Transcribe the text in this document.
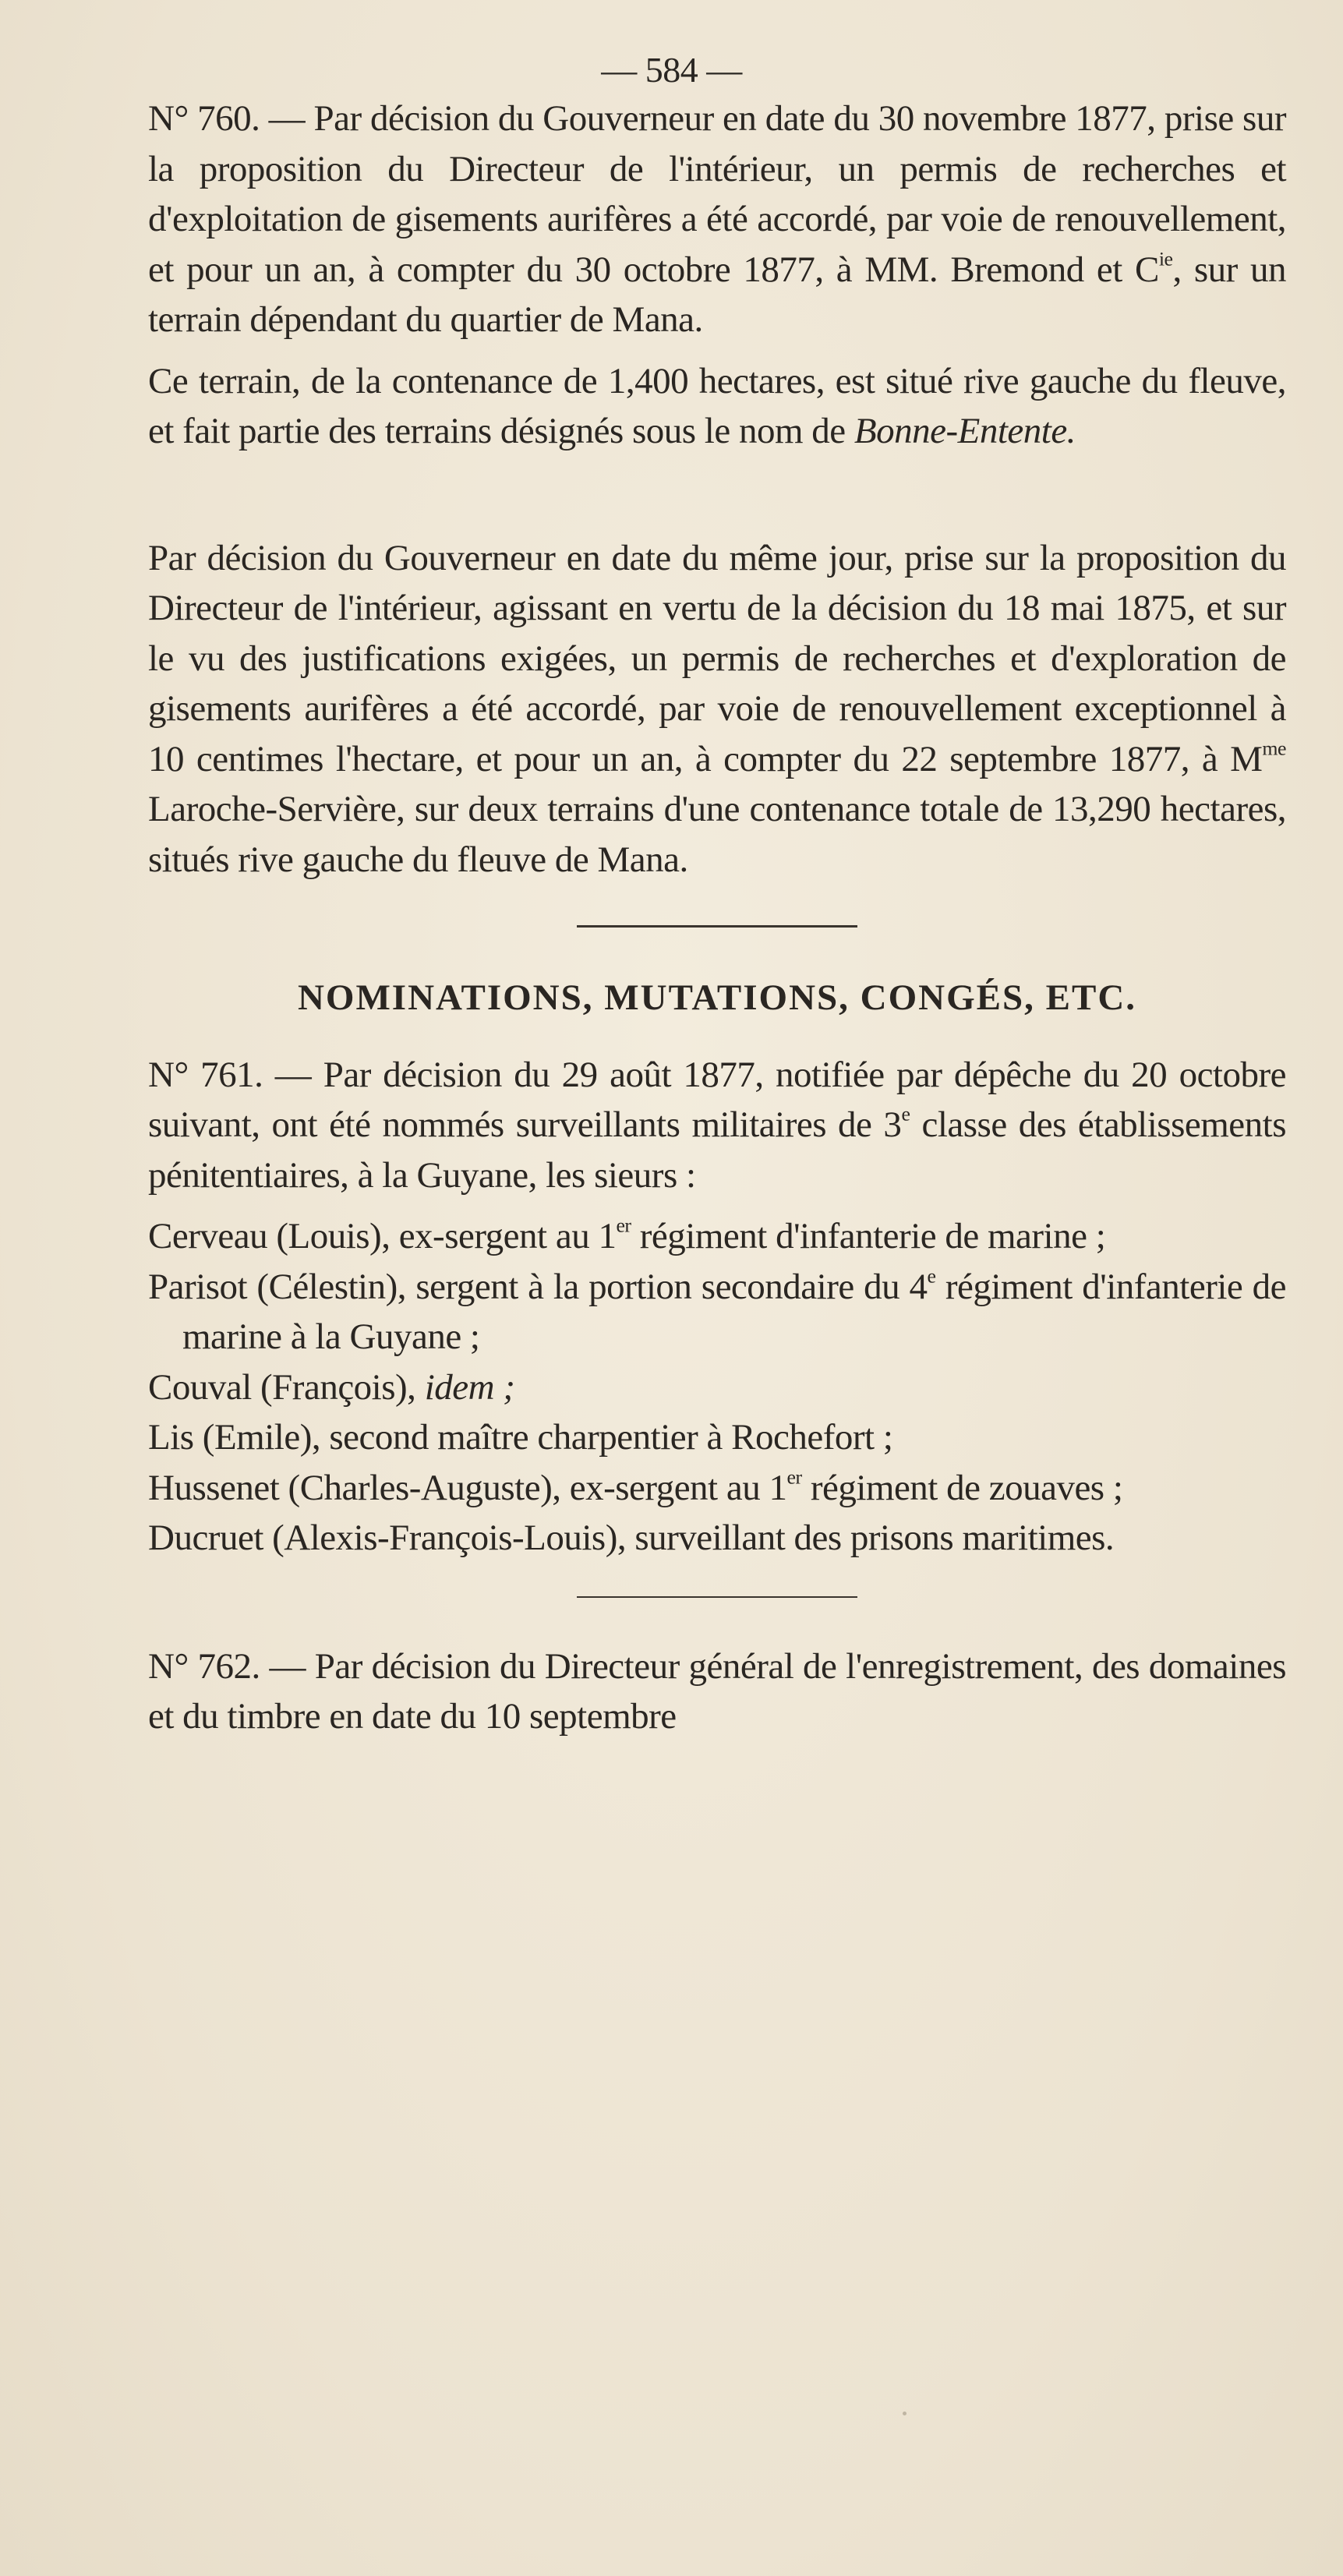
— 584 —

N° 760. — Par décision du Gouverneur en date du 30 novembre 1877, prise sur la proposition du Directeur de l'intérieur, un permis de recherches et d'exploitation de gisements aurifères a été accordé, par voie de renouvellement, et pour un an, à compter du 30 octobre 1877, à MM. Bremond et $C^{ie}$, sur un terrain dépendant du quartier de Mana.

Ce terrain, de la contenance de 1,400 hectares, est situé rive gauche du fleuve, et fait partie des terrains désignés sous le nom de Bonne-Entente.

Par décision du Gouverneur en date du même jour, prise sur la proposition du Directeur de l'intérieur, agissant en vertu de la décision du 18 mai 1875, et sur le vu des justifications exigées, un permis de recherches et d'exploration de gisements aurifères a été accordé, par voie de renouvellement exceptionnel à 10 centimes l'hectare, et pour un an, à compter du 22 septembre 1877, à $M^{me}$ Laroche-Servière, sur deux terrains d'une contenance totale de 13,290 hectares, situés rive gauche du fleuve de Mana.

NOMINATIONS, MUTATIONS, CONGÉS, ETC.

N° 761. — Par décision du 29 août 1877, notifiée par dépêche du 20 octobre suivant, ont été nommés surveillants militaires de 3e classe des établissements pénitentiaires, à la Guyane, les sieurs :

Cerveau (Louis), ex-sergent au 1er régiment d'infanterie de marine ;

Parisot (Célestin), sergent à la portion secondaire du 4e régiment d'infanterie de marine à la Guyane ;

Couval (François), idem ;

Lis (Emile), second maître charpentier à Rochefort ;

Hussenet (Charles-Auguste), ex-sergent au 1er régiment de zouaves ;

Ducruet (Alexis-François-Louis), surveillant des prisons maritimes.

N° 762. — Par décision du Directeur général de l'enregistrement, des domaines et du timbre en date du 10 septembre
